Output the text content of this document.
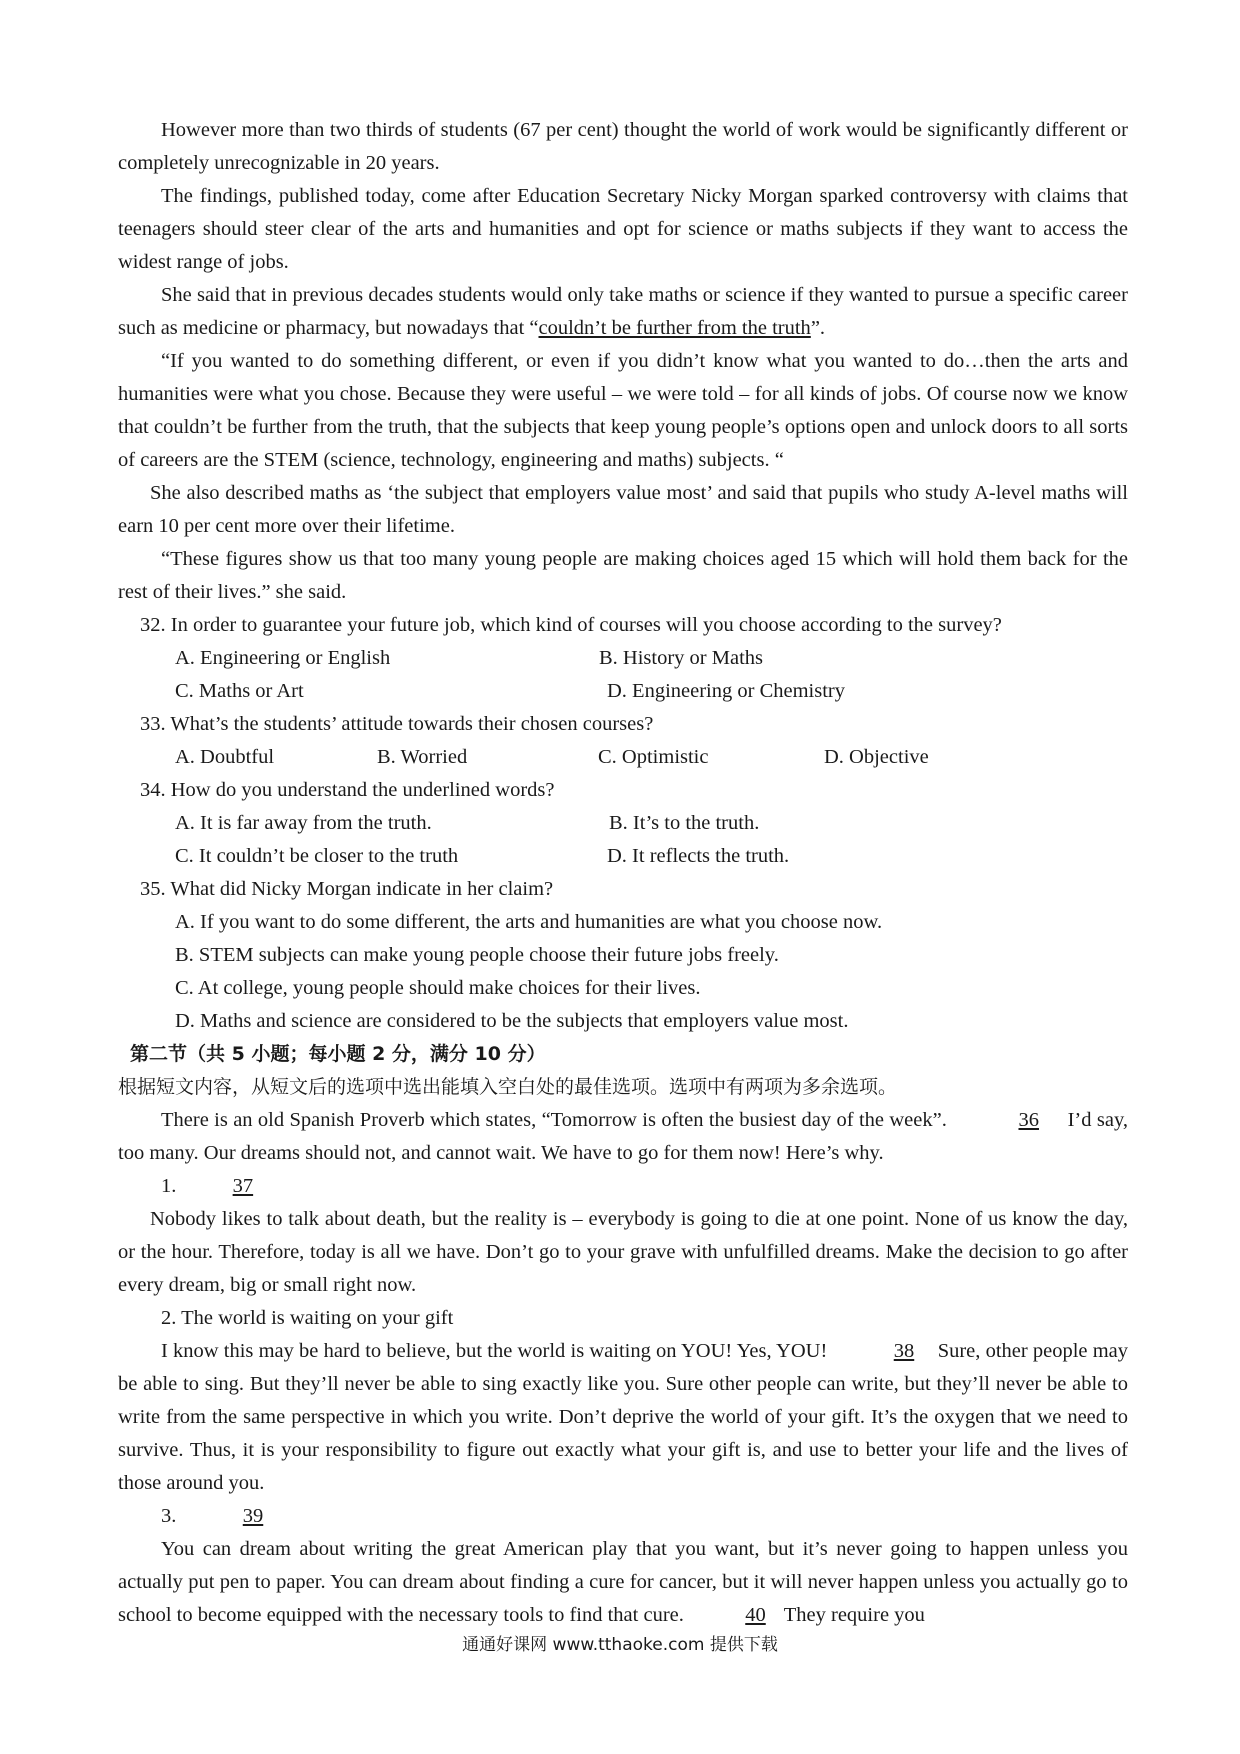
However more than two thirds of students (67 per cent) thought the world of work would be significantly different or completely unrecognizable in 20 years.

The findings, published today, come after Education Secretary Nicky Morgan sparked controversy with claims that teenagers should steer clear of the arts and humanities and opt for science or maths subjects if they want to access the widest range of jobs.

She said that in previous decades students would only take maths or science if they wanted to pursue a specific career such as medicine or pharmacy, but nowadays that “couldn’t be further from the truth”.

“If you wanted to do something different, or even if you didn’t know what you wanted to do…then the arts and humanities were what you chose. Because they were useful – we were told – for all kinds of jobs. Of course now we know that couldn’t be further from the truth, that the subjects that keep young people’s options open and unlock doors to all sorts of careers are the STEM (science, technology, engineering and maths) subjects. “

She also described maths as ‘the subject that employers value most’ and said that pupils who study A-level maths will earn 10 per cent more over their lifetime.

“These figures show us that too many young people are making choices aged 15 which will hold them back for the rest of their lives.” she said.

32. In order to guarantee your future job, which kind of courses will you choose according to the survey?

A. Engineering or English	B. History or Maths
C. Maths or Art	D. Engineering or Chemistry

33. What’s the students’ attitude towards their chosen courses?

A. Doubtful	B. Worried	C. Optimistic	D. Objective

34. How do you understand the underlined words?

A. It is far away from the truth.	B. It’s to the truth.
C. It couldn’t be closer to the truth	D. It reflects the truth.

35. What did Nicky Morgan indicate in her claim?

A. If you want to do some different, the arts and humanities are what you choose now.

B. STEM subjects can make young people choose their future jobs freely.

C. At college, young people should make choices for their lives.

D. Maths and science are considered to be the subjects that employers value most.

第二节（共 5 小题；每小题 2 分，满分 10 分）

根据短文内容，从短文后的选项中选出能填入空白处的最佳选项。选项中有两项为多余选项。

There is an old Spanish Proverb which states, “Tomorrow is often the busiest day of the week”.	36 I’d say, too many. Our dreams should not, and cannot wait. We have to go for them now! Here’s why.

1.	37

Nobody likes to talk about death, but the reality is – everybody is going to die at one point. None of us know the day, or the hour. Therefore, today is all we have. Don’t go to your grave with unfulfilled dreams. Make the decision to go after every dream, big or small right now.

2. The world is waiting on your gift

I know this may be hard to believe, but the world is waiting on YOU! Yes, YOU!	38 Sure, other people may be able to sing. But they’ll never be able to sing exactly like you. Sure other people can write, but they’ll never be able to write from the same perspective in which you write. Don’t deprive the world of your gift. It’s the oxygen that we need to survive. Thus, it is your responsibility to figure out exactly what your gift is, and use to better your life and the lives of those around you.

3.	39

You can dream about writing the great American play that you want, but it’s never going to happen unless you actually put pen to paper. You can dream about finding a cure for cancer, but it will never happen unless you actually go to school to become equipped with the necessary tools to find that cure.	40 They require you

通通好课网 www.tthaoke.com 提供下载
